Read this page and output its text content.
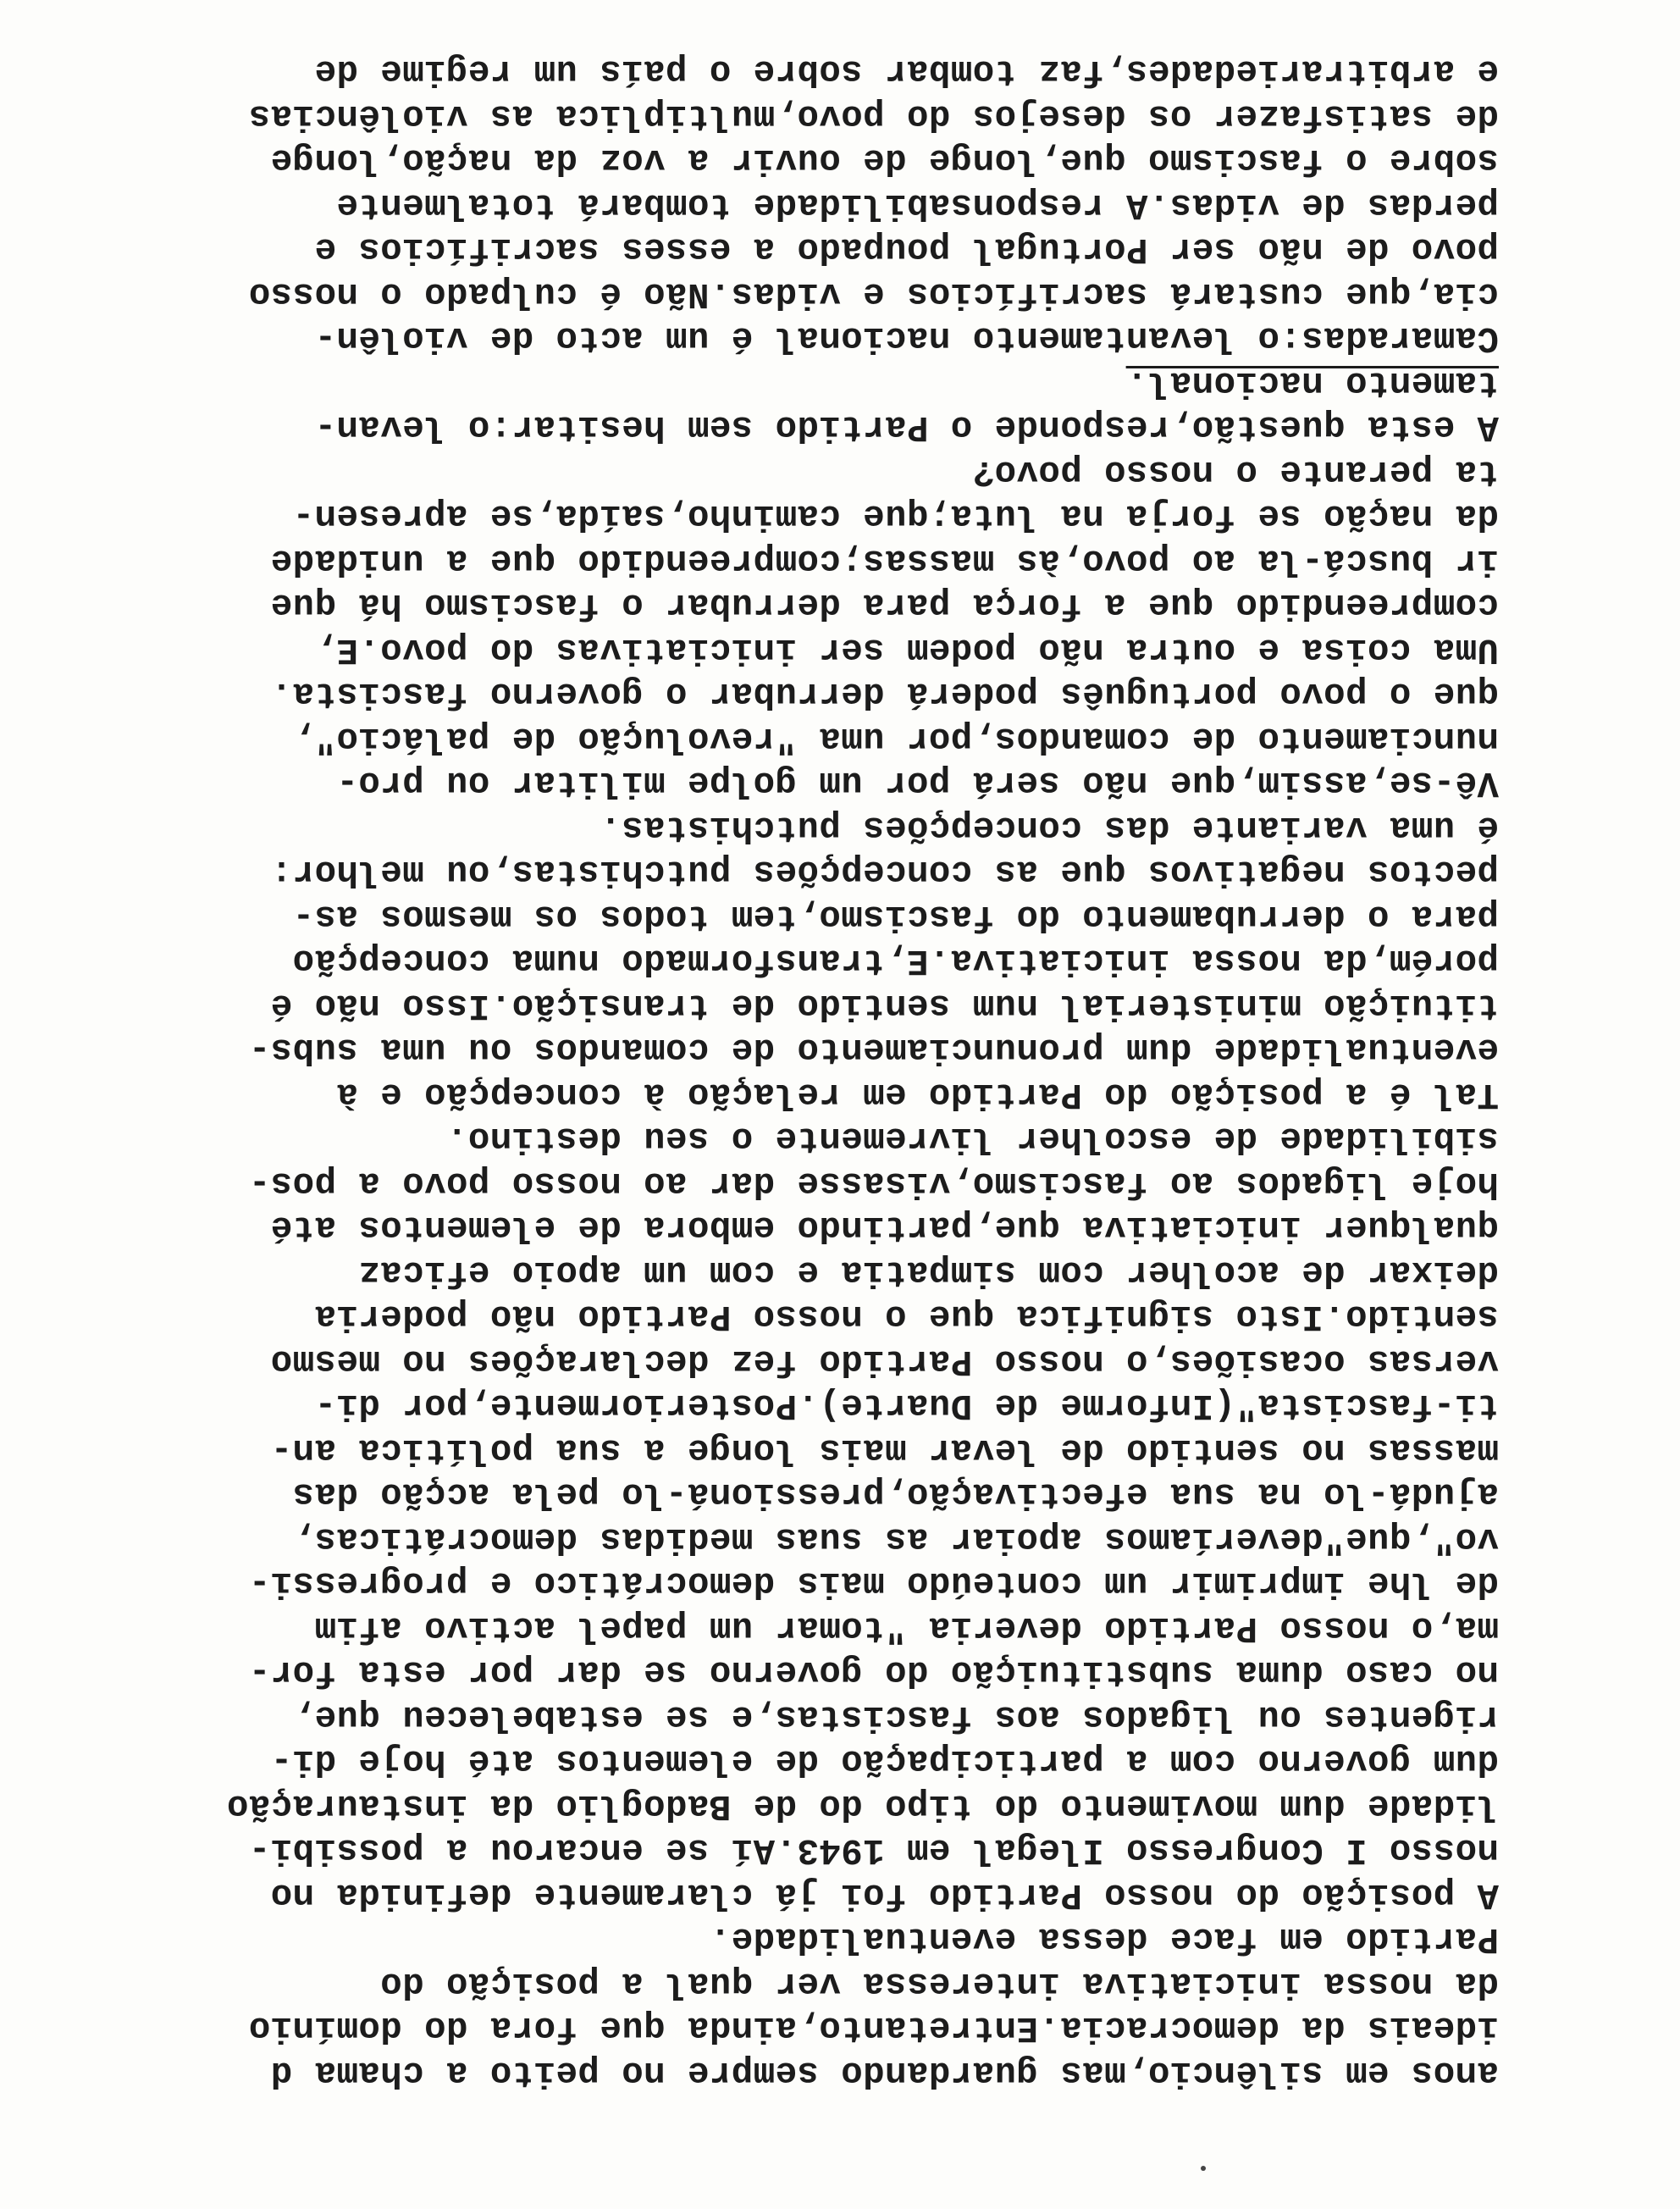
anos em silêncio,mas guardando sempre no peito a chama d
ideais da democracia.Entretanto,ainda que fora do domínio
da nossa iniciativa interessa ver qual a posição do
Partido em face dessa eventualidade.
A posição do nosso Partido foi já claramente definida no
nosso I Congresso Ilegal em 1943.Aí se encarou a possibi-
lidade dum movimento do tipo do de Badoglio da instauração
dum governo com a participação de elementos até hoje di-
rigentes ou ligados aos fascistas,e se estabeleceu que,
no caso duma substituição do governo se dar por esta for-
ma,o nosso Partido deveria "tomar um papel activo afim
de lhe imprimir um conteúdo mais democrático e progressi-
vo",que"deveríamos apoiar as suas medidas democráticas,
ajudá-lo na sua efectivação,pressioná-lo pela acção das
massas no sentido de levar mais longe a sua política an-
ti-fascista"(Informe de Duarte).Posteriormente,por di-
versas ocasiões,o nosso Partido fez declarações no mesmo
sentido.Isto significa que o nosso Partido não poderia
deixar de acolher com simpatia e com um apoio eficaz
qualquer iniciativa que,partindo embora de elementos até
hoje ligados ao fascismo,visasse dar ao nosso povo a pos-
sibilidade de escolher livremente o seu destino.
Tal é a posição do Partido em relação à concepção e à
eventualidade dum pronunciamento de comandos ou uma subs-
tituição ministerial num sentido de transição.Isso não é
porém,da nossa iniciativa.E,transformado numa concepção
para o derrubamento do fascismo,tem todos os mesmos as-
pectos negativos que as concepções putchistas,ou melhor:
é uma variante das concepções putchistas.
Vê-se,assim,que não será por um golpe militar ou pro-
nunciamento de comandos,por uma "revolução de palácio",
que o povo português poderá derrubar o governo fascista.
Uma coisa e outra não podem ser iniciativas do povo.E,
compreendido que a força para derrubar o fascismo há que
ir buscá-la ao povo,às massas;compreendido que a unidade
da nação se forja na luta;que caminho,saída,se apresen-
ta perante o nosso povo?
A esta questão,responde o Partido sem hesitar:o levan-
tamento nacional.
Camaradas:o levantamento nacional é um acto de violên-
cia,que custará sacrifícios e vidas.Não é culpado o nosso
povo de não ser Portugal poupado a esses sacrifícios e
perdas de vidas.A responsabilidade tombará totalmente
sobre o fascismo que,longe de ouvir a voz da nação,longe
de satisfazer os desejos do povo,multiplica as violências
e arbitrariedades,faz tombar sobre o país um regime de
